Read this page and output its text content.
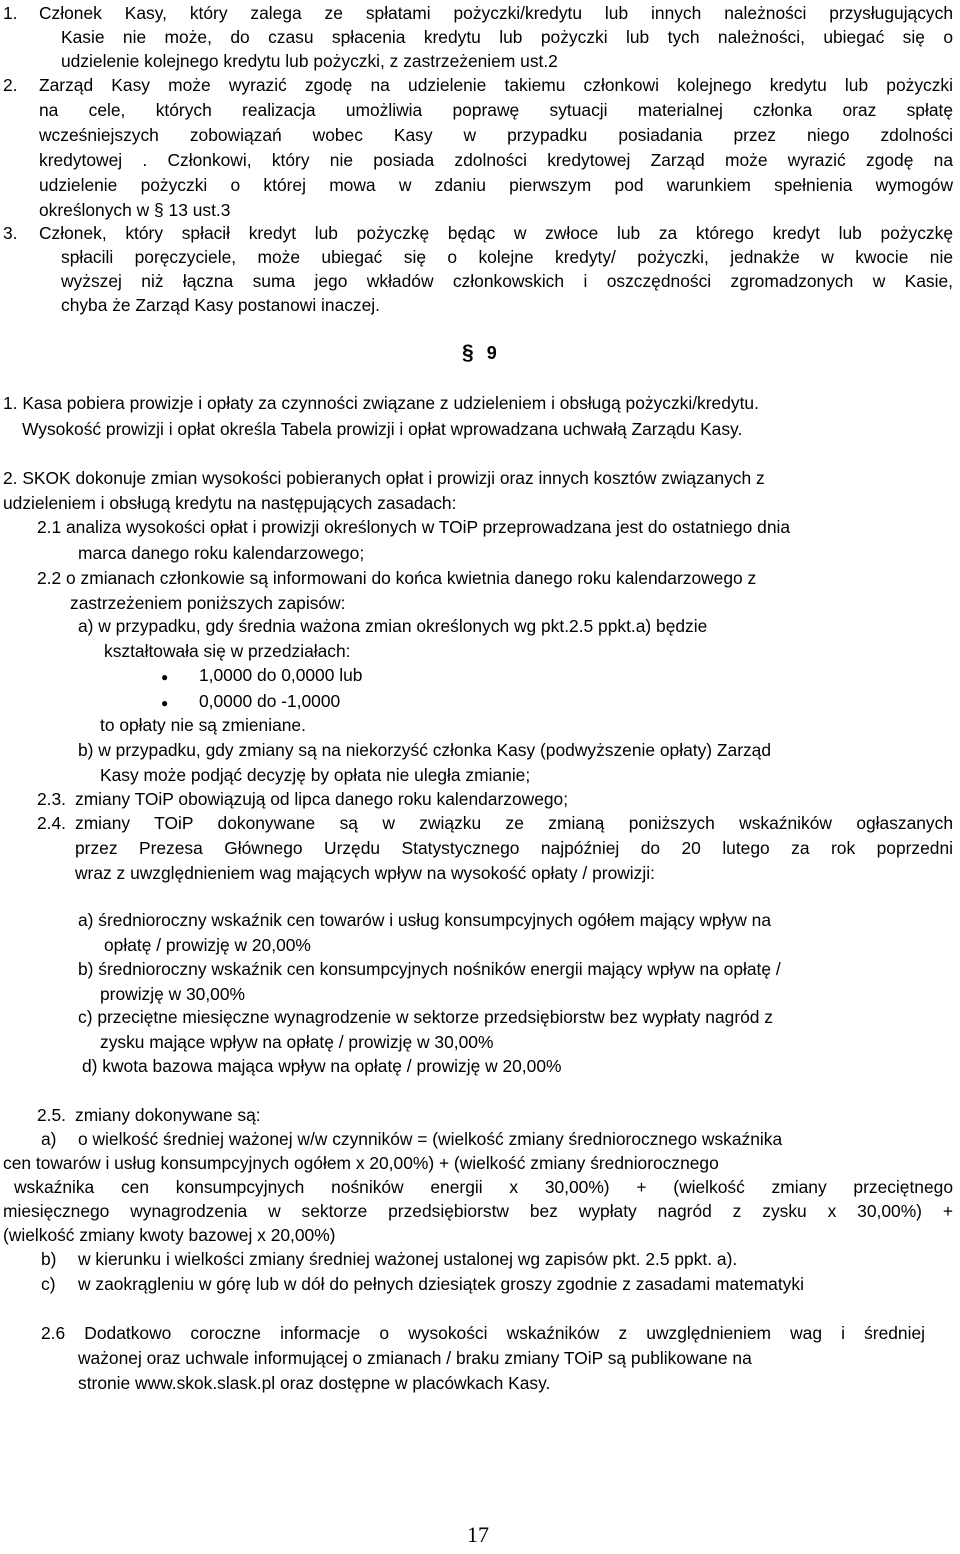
1. Członek Kasy, który zalega ze spłatami pożyczki/kredytu lub innych należności przysługujących
Kasie nie może, do czasu spłacenia kredytu lub pożyczki lub tych należności, ubiegać się o
udzielenie kolejnego kredytu lub pożyczki, z zastrzeżeniem ust.2
2. Zarząd Kasy może wyrazić zgodę na udzielenie takiemu członkowi kolejnego kredytu lub pożyczki
na cele, których realizacja umożliwia poprawę sytuacji materialnej członka oraz spłatę
wcześniejszych zobowiązań wobec Kasy w przypadku posiadania przez niego zdolności
kredytowej . Członkowi, który nie posiada zdolności kredytowej Zarząd może wyrazić zgodę na
udzielenie pożyczki o której mowa w zdaniu pierwszym pod warunkiem spełnienia wymogów
określonych w § 13 ust.3
3. Członek, który spłacił kredyt lub pożyczkę będąc w zwłoce lub za którego kredyt lub pożyczkę
spłacili poręczyciele, może ubiegać się o kolejne kredyty/ pożyczki, jednakże w kwocie nie
wyższej niż łączna suma jego wkładów członkowskich i oszczędności zgromadzonych w Kasie,
chyba że Zarząd Kasy postanowi inaczej.
§ 9
1. Kasa pobiera prowizje i opłaty za czynności związane z udzieleniem i obsługą pożyczki/kredytu.
Wysokość prowizji i opłat określa Tabela prowizji i opłat wprowadzana uchwałą Zarządu Kasy.
2. SKOK dokonuje zmian wysokości pobieranych opłat i prowizji oraz innych kosztów związanych z
udzieleniem i obsługą kredytu na następujących zasadach:
2.1 analiza wysokości opłat i prowizji określonych w TOiP przeprowadzana jest do ostatniego dnia
marca danego roku kalendarzowego;
2.2 o zmianach członkowie są informowani do końca kwietnia danego roku kalendarzowego z
zastrzeżeniem poniższych zapisów:
a) w przypadku, gdy średnia ważona zmian określonych wg pkt.2.5 ppkt.a) będzie
kształtowała się w przedziałach:
● 1,0000 do 0,0000 lub
● 0,0000 do -1,0000
to opłaty nie są zmieniane.
b) w przypadku, gdy zmiany są na niekorzyść członka Kasy (podwyższenie opłaty) Zarząd
Kasy może podjąć decyzję by opłata nie uległa zmianie;
2.3. zmiany TOiP obowiązują od lipca danego roku kalendarzowego;
2.4. zmiany TOiP dokonywane są w związku ze zmianą poniższych wskaźników ogłaszanych
przez Prezesa Głównego Urzędu Statystycznego najpóźniej do 20 lutego za rok poprzedni
wraz z uwzględnieniem wag mających wpływ na wysokość opłaty / prowizji:
a) średnioroczny wskaźnik cen towarów i usług konsumpcyjnych ogółem mający wpływ na
opłatę / prowizję w 20,00%
b) średnioroczny wskaźnik cen konsumpcyjnych nośników energii mający wpływ na opłatę /
prowizję w 30,00%
c) przeciętne miesięczne wynagrodzenie w sektorze przedsiębiorstw bez wypłaty nagród z
zysku mające wpływ na opłatę / prowizję w 30,00%
d) kwota bazowa mająca wpływ na opłatę / prowizję w 20,00%
2.5. zmiany dokonywane są:
a) o wielkość średniej ważonej w/w czynników = (wielkość zmiany średniorocznego wskaźnika
cen towarów i usług konsumpcyjnych ogółem x 20,00%) + (wielkość zmiany średniorocznego
wskaźnika cen konsumpcyjnych nośników energii x 30,00%) + (wielkość zmiany przeciętnego
miesięcznego wynagrodzenia w sektorze przedsiębiorstw bez wypłaty nagród z zysku x 30,00%) +
(wielkość zmiany kwoty bazowej x 20,00%)
b) w kierunku i wielkości zmiany średniej ważonej ustalonej wg zapisów pkt. 2.5 ppkt. a).
c) w zaokrągleniu w górę lub w dół do pełnych dziesiątek groszy zgodnie z zasadami matematyki
2.6 Dodatkowo coroczne informacje o wysokości wskaźników z uwzględnieniem wag i średniej
ważonej oraz uchwale informującej o zmianach / braku zmiany TOiP są publikowane na
stronie www.skok.slask.pl oraz dostępne w placówkach Kasy.
17
